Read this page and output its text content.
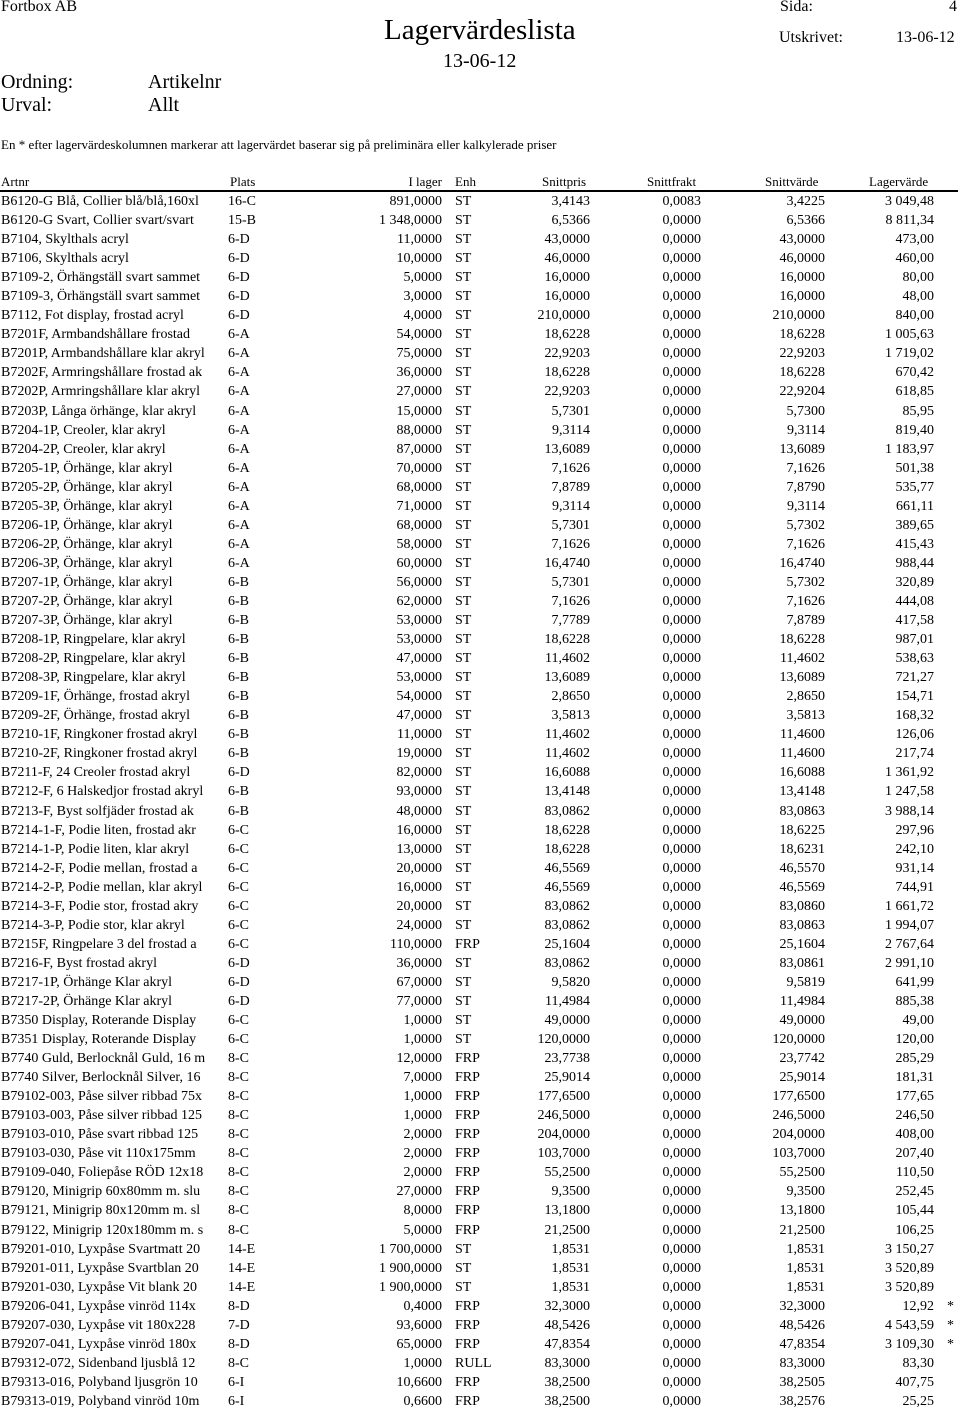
Fortbox AB	Sida:	4
Lagervärdeslista	Utskrivet:	13-06-12
13-06-12
Ordning:	Artikelnr
Urval:	Allt
En * efter lagervärdeskolumnen markerar att lagervärdet baserar sig på preliminära eller kalkylerade priser
Artnr	Plats	I lager Enh	Snittpris	Snittfrakt	Snittvärde	Lagervärde
B6120-G Blå, Collier blå/blå,160xl 16-C	891,0000 ST	3,4143	0,0083	3,4225	3 049,48
B6120-G Svart, Collier svart/svart 15-B	1 348,0000 ST	6,5366	0,0000	6,5366	8 811,34
B7104, Skylthals acryl	6-D	11,0000 ST	43,0000	0,0000	43,0000	473,00
B7106, Skylthals acryl	6-D	10,0000 ST	46,0000	0,0000	46,0000	460,00
B7109-2, Örhängställ svart sammet 6-D	5,0000 ST	16,0000	0,0000	16,0000	80,00
B7109-3, Örhängställ svart sammet 6-D	3,0000 ST	16,0000	0,0000	16,0000	48,00
B7112, Fot display, frostad acryl	6-D	4,0000 ST	210,0000	0,0000	210,0000	840,00
B7201F, Armbandshållare frostad	6-A	54,0000 ST	18,6228	0,0000	18,6228	1 005,63
B7201P, Armbandshållare klar akryl 6-A	75,0000 ST	22,9203	0,0000	22,9203	1 719,02
B7202F, Armringshållare frostad ak 6-A	36,0000 ST	18,6228	0,0000	18,6228	670,42
B7202P, Armringshållare klar akryl 6-A	27,0000 ST	22,9203	0,0000	22,9204	618,85
B7203P, Långa örhänge, klar akryl 6-A	15,0000 ST	5,7301	0,0000	5,7300	85,95
B7204-1P, Creoler, klar akryl	6-A	88,0000 ST	9,3114	0,0000	9,3114	819,40
B7204-2P, Creoler, klar akryl	6-A	87,0000 ST	13,6089	0,0000	13,6089	1 183,97
B7205-1P, Örhänge, klar akryl	6-A	70,0000 ST	7,1626	0,0000	7,1626	501,38
B7205-2P, Örhänge, klar akryl	6-A	68,0000 ST	7,8789	0,0000	7,8790	535,77
B7205-3P, Örhänge, klar akryl	6-A	71,0000 ST	9,3114	0,0000	9,3114	661,11
B7206-1P, Örhänge, klar akryl	6-A	68,0000 ST	5,7301	0,0000	5,7302	389,65
B7206-2P, Örhänge, klar akryl	6-A	58,0000 ST	7,1626	0,0000	7,1626	415,43
B7206-3P, Örhänge, klar akryl	6-A	60,0000 ST	16,4740	0,0000	16,4740	988,44
B7207-1P, Örhänge, klar akryl	6-B	56,0000 ST	5,7301	0,0000	5,7302	320,89
B7207-2P, Örhänge, klar akryl	6-B	62,0000 ST	7,1626	0,0000	7,1626	444,08
B7207-3P, Örhänge, klar akryl	6-B	53,0000 ST	7,7789	0,0000	7,8789	417,58
B7208-1P, Ringpelare, klar akryl	6-B	53,0000 ST	18,6228	0,0000	18,6228	987,01
B7208-2P, Ringpelare, klar akryl	6-B	47,0000 ST	11,4602	0,0000	11,4602	538,63
B7208-3P, Ringpelare, klar akryl	6-B	53,0000 ST	13,6089	0,0000	13,6089	721,27
B7209-1F, Örhänge, frostad akryl	6-B	54,0000 ST	2,8650	0,0000	2,8650	154,71
B7209-2F, Örhänge, frostad akryl	6-B	47,0000 ST	3,5813	0,0000	3,5813	168,32
B7210-1F, Ringkoner frostad akryl 6-B	11,0000 ST	11,4602	0,0000	11,4600	126,06
B7210-2F, Ringkoner frostad akryl 6-B	19,0000 ST	11,4602	0,0000	11,4600	217,74
B7211-F, 24 Creoler frostad akryl	6-D	82,0000 ST	16,6088	0,0000	16,6088	1 361,92
B7212-F, 6 Halskedjor frostad akryl 6-B	93,0000 ST	13,4148	0,0000	13,4148	1 247,58
B7213-F, Byst solfjäder frostad ak 6-B	48,0000 ST	83,0862	0,0000	83,0863	3 988,14
B7214-1-F, Podie liten, frostad akr 6-C	16,0000 ST	18,6228	0,0000	18,6225	297,96
B7214-1-P, Podie liten, klar akryl	6-C	13,0000 ST	18,6228	0,0000	18,6231	242,10
B7214-2-F, Podie mellan, frostad a 6-C	20,0000 ST	46,5569	0,0000	46,5570	931,14
B7214-2-P, Podie mellan, klar akryl 6-C	16,0000 ST	46,5569	0,0000	46,5569	744,91
B7214-3-F, Podie stor, frostad akry 6-C	20,0000 ST	83,0862	0,0000	83,0860	1 661,72
B7214-3-P, Podie stor, klar akryl	6-C	24,0000 ST	83,0862	0,0000	83,0863	1 994,07
B7215F, Ringpelare 3 del frostad a 6-C	110,0000 FRP	25,1604	0,0000	25,1604	2 767,64
B7216-F, Byst frostad akryl	6-D	36,0000 ST	83,0862	0,0000	83,0861	2 991,10
B7217-1P, Örhänge Klar akryl	6-D	67,0000 ST	9,5820	0,0000	9,5819	641,99
B7217-2P, Örhänge Klar akryl	6-D	77,0000 ST	11,4984	0,0000	11,4984	885,38
B7350 Display, Roterande Display 6-C	1,0000 ST	49,0000	0,0000	49,0000	49,00
B7351 Display, Roterande Display 6-C	1,0000 ST	120,0000	0,0000	120,0000	120,00
B7740 Guld, Berlocknål Guld, 16 m 8-C	12,0000 FRP	23,7738	0,0000	23,7742	285,29
B7740 Silver, Berlocknål Silver, 16 8-C	7,0000 FRP	25,9014	0,0000	25,9014	181,31
B79102-003, Påse silver ribbad 75x 8-C	1,0000 FRP	177,6500	0,0000	177,6500	177,65
B79103-003, Påse silver ribbad 125 8-C	1,0000 FRP	246,5000	0,0000	246,5000	246,50
B79103-010, Påse svart ribbad 125 8-C	2,0000 FRP	204,0000	0,0000	204,0000	408,00
B79103-030, Påse vit 110x175mm 8-C	2,0000 FRP	103,7000	0,0000	103,7000	207,40
B79109-040, Foliepåse RÖD 12x18 8-C	2,0000 FRP	55,2500	0,0000	55,2500	110,50
B79120, Minigrip 60x80mm m. slu 8-C	27,0000 FRP	9,3500	0,0000	9,3500	252,45
B79121, Minigrip 80x120mm m. sl 8-C	8,0000 FRP	13,1800	0,0000	13,1800	105,44
B79122, Minigrip 120x180mm m. s 8-C	5,0000 FRP	21,2500	0,0000	21,2500	106,25
B79201-010, Lyxpåse Svartmatt 20 14-E	1 700,0000 ST	1,8531	0,0000	1,8531	3 150,27
B79201-011, Lyxpåse Svartblan 20 14-E	1 900,0000 ST	1,8531	0,0000	1,8531	3 520,89
B79201-030, Lyxpåse Vit blank 20 14-E	1 900,0000 ST	1,8531	0,0000	1,8531	3 520,89
B79206-041, Lyxpåse vinröd 114x 8-D	0,4000 FRP	32,3000	0,0000	32,3000	12,92 *
B79207-030, Lyxpåse vit 180x228 7-D	93,6000 FRP	48,5426	0,0000	48,5426	4 543,59 *
B79207-041, Lyxpåse vinröd 180x 8-D	65,0000 FRP	47,8354	0,0000	47,8354	3 109,30 *
B79312-072, Sidenband ljusblå 12 8-C	1,0000 RULL	83,3000	0,0000	83,3000	83,30
B79313-016, Polyband ljusgrön 10 6-I	10,6600 FRP	38,2500	0,0000	38,2505	407,75
B79313-019, Polyband vinröd 10m 6-I	0,6600 FRP	38,2500	0,0000	38,2576	25,25
